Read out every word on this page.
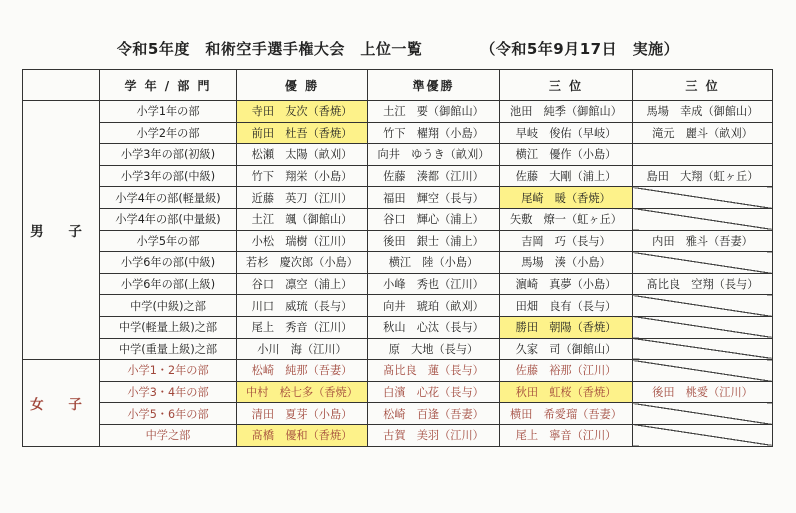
令和5年度　和術空手選手権大会　上位一覧	（令和5年9月17日　実施）
	学 年 / 部 門	優 勝	準優勝	三 位	三 位
男 子	小学1年の部	寺田　友次（香焼）	土江　要（御館山）	池田　純季（御館山）	馬場　幸成（御館山）
	小学2年の部	前田　杜吾（香焼）	竹下　櫂翔（小島）	早岐　俊佑（早岐）	滝元　麗斗（畝刈）
	小学3年の部(初級)	松瀬　太陽（畝刈）	向井　ゆうき（畝刈）	横江　優作（小島）	
	小学3年の部(中級)	竹下　翔栄（小島）	佐藤　湊都（江川）	佐藤　大剛（浦上）	島田　大翔（虹ヶ丘）
	小学4年の部(軽量級)	近藤　英刀（江川）	福田　輝空（長与）	尾崎　暖（香焼）	
	小学4年の部(中量級)	土江　颯（御館山）	谷口　輝心（浦上）	矢敷　燎一（虹ヶ丘）	
	小学5年の部	小松　瑞樹（江川）	後田　銀士（浦上）	吉岡　巧（長与）	内田　雅斗（吾妻）
	小学6年の部(中級)	若杉　慶次郎（小島）	横江　陸（小島）	馬場　湊（小島）	
	小学6年の部(上級)	谷口　凛空（浦上）	小峰　秀也（江川）	濵崎　真夢（小島）	髙比良　空翔（長与）
	中学(中級)之部	川口　威琉（長与）	向井　琥珀（畝刈）	田畑　良有（長与）	
	中学(軽量上級)之部	尾上　秀音（江川）	秋山　心汰（長与）	勝田　朝陽（香焼）	
	中学(重量上級)之部	小川　海（江川）	原　大地（長与）	久家　司（御館山）	
女 子	小学1・2年の部	松崎　純那（吾妻）	髙比良　蓮（長与）	佐藤　裕那（江川）	
	小学3・4年の部	中村　桧七多（香焼）	白濱　心花（長与）	秋田　虹桜（香焼）	後田　桃愛（江川）
	小学5・6年の部	清田　夏芽（小島）	松崎　百逢（吾妻）	横田　希愛瑠（吾妻）	
	中学之部	髙橋　優和（香焼）	古賀　美羽（江川）	尾上　寧音（江川）	
